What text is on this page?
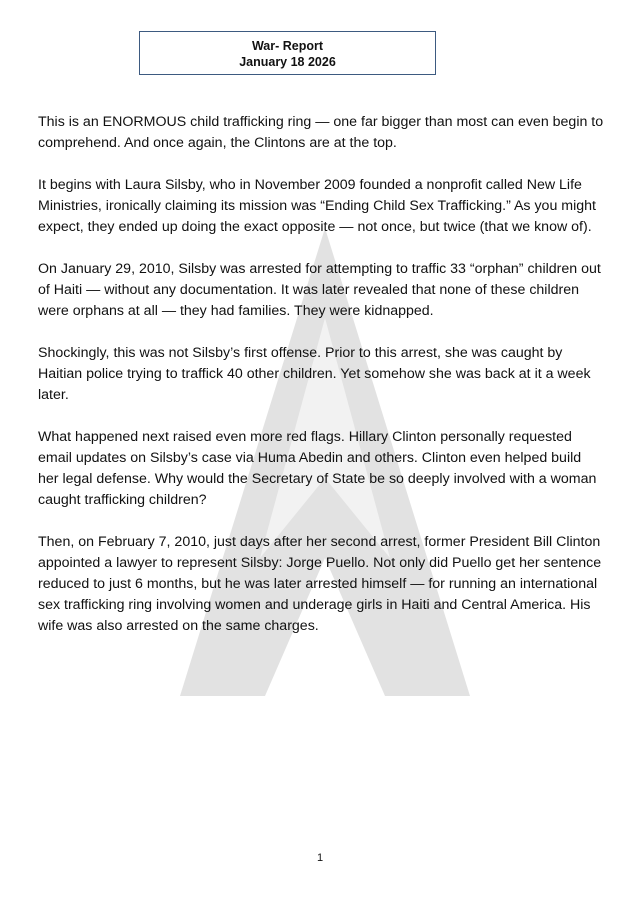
War- Report
January 18 2026

This is an ENORMOUS child trafficking ring — one far bigger than most can even begin to comprehend. And once again, the Clintons are at the top.

It begins with Laura Silsby, who in November 2009 founded a nonprofit called New Life Ministries, ironically claiming its mission was “Ending Child Sex Trafficking.” As you might expect, they ended up doing the exact opposite — not once, but twice (that we know of).

On January 29, 2010, Silsby was arrested for attempting to traffic 33 “orphan” children out of Haiti — without any documentation. It was later revealed that none of these children were orphans at all — they had families. They were kidnapped.

Shockingly, this was not Silsby’s first offense. Prior to this arrest, she was caught by Haitian police trying to traffick 40 other children. Yet somehow she was back at it a week later.

What happened next raised even more red flags. Hillary Clinton personally requested email updates on Silsby’s case via Huma Abedin and others. Clinton even helped build her legal defense. Why would the Secretary of State be so deeply involved with a woman caught trafficking children?

Then, on February 7, 2010, just days after her second arrest, former President Bill Clinton appointed a lawyer to represent Silsby: Jorge Puello. Not only did Puello get her sentence reduced to just 6 months, but he was later arrested himself — for running an international sex trafficking ring involving women and underage girls in Haiti and Central America. His wife was also arrested on the same charges.

1
